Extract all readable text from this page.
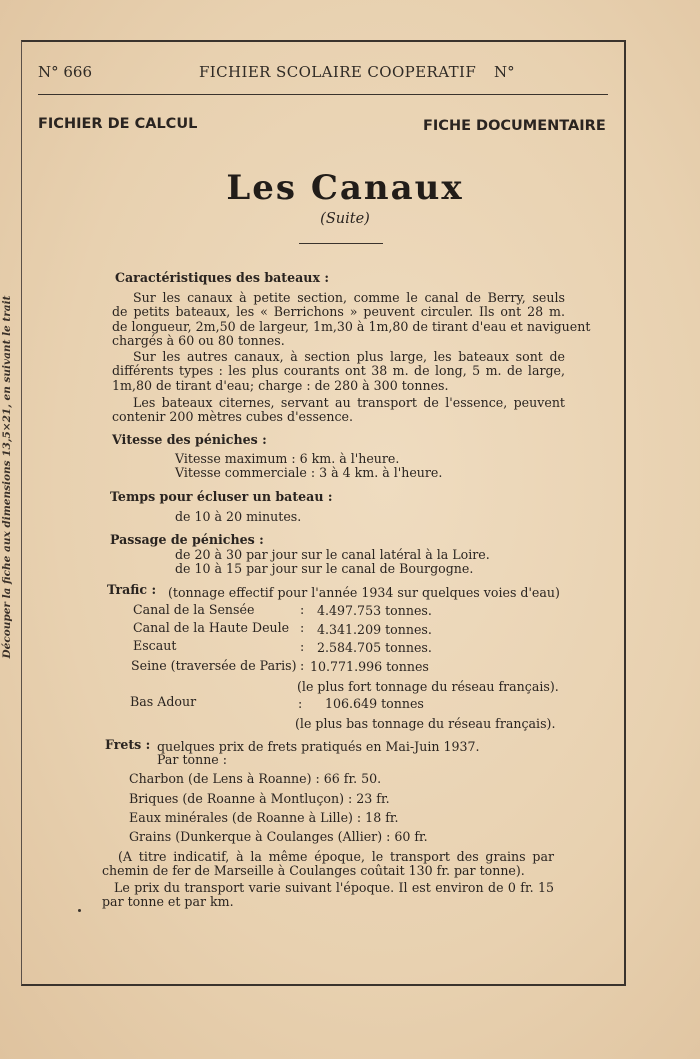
Découper la fiche aux dimensions 13,5×21, en suivant le trait
N° 666	FICHIER SCOLAIRE COOPERATIF N°
FICHIER DE CALCUL	FICHE DOCUMENTAIRE
Les Canaux
(Suite)
Caractéristiques des bateaux :
Sur les canaux à petite section, comme le canal de Berry, seuls
de petits bateaux, les « Berrichons » peuvent circuler. Ils ont 28 m.
de longueur, 2m,50 de largeur, 1m,30 à 1m,80 de tirant d'eau et naviguent
chargés à 60 ou 80 tonnes.
Sur les autres canaux, à section plus large, les bateaux sont de
différents types : les plus courants ont 38 m. de long, 5 m. de large,
1m,80 de tirant d'eau; charge : de 280 à 300 tonnes.
Les bateaux citernes, servant au transport de l'essence, peuvent
contenir 200 mètres cubes d'essence.
Vitesse des péniches :
Vitesse maximum : 6 km. à l'heure.
Vitesse commerciale : 3 à 4 km. à l'heure.
Temps pour écluser un bateau :
de 10 à 20 minutes.
Passage de péniches :
de 20 à 30 par jour sur le canal latéral à la Loire.
de 10 à 15 par jour sur le canal de Bourgogne.
Trafic : (tonnage effectif pour l'année 1934 sur quelques voies d'eau)
Canal de la Sensée	: 4.497.753 tonnes.
Canal de la Haute Deule : 4.341.209 tonnes.
Escaut	: 2.584.705 tonnes.
Seine (traversée de Paris) : 10.771.996 tonnes
(le plus fort tonnage du réseau français).
Bas Adour	: 106.649 tonnes
(le plus bas tonnage du réseau français).
Frets : quelques prix de frets pratiqués en Mai-Juin 1937.
Par tonne :
Charbon (de Lens à Roanne) : 66 fr. 50.
Briques (de Roanne à Montluçon) : 23 fr.
Eaux minérales (de Roanne à Lille) : 18 fr.
Grains (Dunkerque à Coulanges (Allier) : 60 fr.
(A titre indicatif, à la même époque, le transport des grains par
chemin de fer de Marseille à Coulanges coûtait 130 fr. par tonne).
Le prix du transport varie suivant l'époque. Il est environ de 0 fr. 15
par tonne et par km.
